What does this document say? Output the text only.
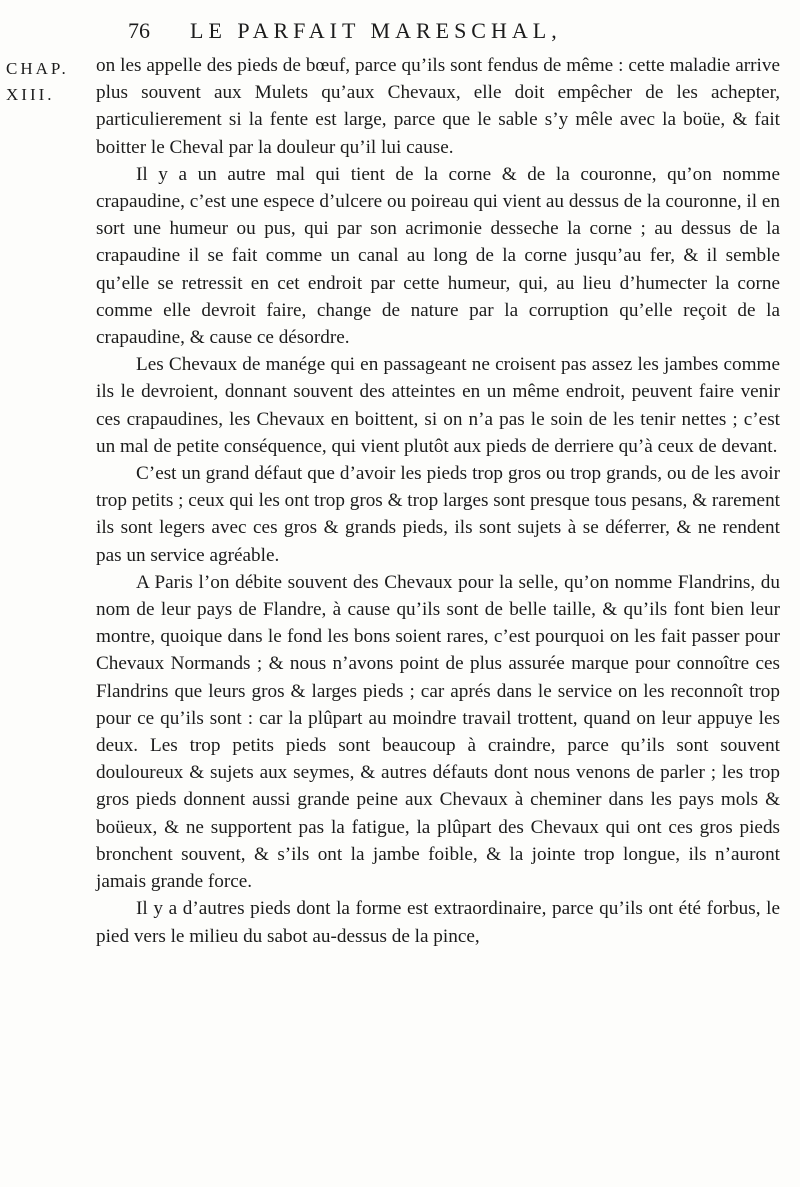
76 LE PARFAIT MARESCHAL,
CHAP.
XIII.

on les appelle des pieds de bœuf, parce qu’ils sont fendus de même : cette maladie arrive plus souvent aux Mulets qu’aux Chevaux, elle doit empêcher de les achepter, particulierement si la fente est large, parce que le sable s’y mêle avec la boüe, & fait boitter le Cheval par la douleur qu’il lui cause.

Il y a un autre mal qui tient de la corne & de la couronne, qu’on nomme crapaudine, c’est une espece d’ulcere ou poireau qui vient au dessus de la couronne, il en sort une humeur ou pus, qui par son acrimonie desseche la corne ; au dessus de la crapaudine il se fait comme un canal au long de la corne jusqu’au fer, & il semble qu’elle se retressit en cet endroit par cette humeur, qui, au lieu d’humecter la corne comme elle devroit faire, change de nature par la corruption qu’elle reçoit de la crapaudine, & cause ce désordre.

Les Chevaux de manége qui en passageant ne croisent pas assez les jambes comme ils le devroient, donnant souvent des atteintes en un même endroit, peuvent faire venir ces crapaudines, les Chevaux en boittent, si on n’a pas le soin de les tenir nettes ; c’est un mal de petite conséquence, qui vient plutôt aux pieds de derriere qu’à ceux de devant.

C’est un grand défaut que d’avoir les pieds trop gros ou trop grands, ou de les avoir trop petits ; ceux qui les ont trop gros & trop larges sont presque tous pesans, & rarement ils sont legers avec ces gros & grands pieds, ils sont sujets à se déferrer, & ne rendent pas un service agréable.

A Paris l’on débite souvent des Chevaux pour la selle, qu’on nomme Flandrins, du nom de leur pays de Flandre, à cause qu’ils sont de belle taille, & qu’ils font bien leur montre, quoique dans le fond les bons soient rares, c’est pourquoi on les fait passer pour Chevaux Normands ; & nous n’avons point de plus assurée marque pour connoître ces Flandrins que leurs gros & larges pieds ; car aprés dans le service on les reconnoît trop pour ce qu’ils sont : car la plûpart au moindre travail trottent, quand on leur appuye les deux. Les trop petits pieds sont beaucoup à craindre, parce qu’ils sont souvent douloureux & sujets aux seymes, & autres défauts dont nous venons de parler ; les trop gros pieds donnent aussi grande peine aux Chevaux à cheminer dans les pays mols & boüeux, & ne supportent pas la fatigue, la plûpart des Chevaux qui ont ces gros pieds bronchent souvent, & s’ils ont la jambe foible, & la jointe trop longue, ils n’auront jamais grande force.

Il y a d’autres pieds dont la forme est extraordinaire, parce qu’ils ont été forbus, le pied vers le milieu du sabot au-dessus de la pince,
